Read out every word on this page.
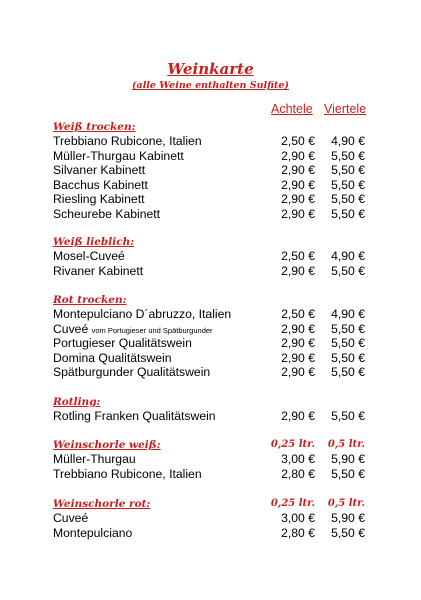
Weinkarte
(alle Weine enthalten Sulfite)
Achtele Viertele
Weiß trocken:
Trebbiano Rubicone, Italien	2,50 €	4,90 €
Müller-Thurgau Kabinett	2,90 €	5,50 €
Silvaner Kabinett	2,90 €	5,50 €
Bacchus Kabinett	2,90 €	5,50 €
Riesling Kabinett	2,90 €	5,50 €
Scheurebe Kabinett	2,90 €	5,50 €
Weiß lieblich:
Mosel-Cuveé	2,50 €	4,90 €
Rivaner Kabinett	2,90 €	5,50 €
Rot trocken:
Montepulciano D´abruzzo, Italien	2,50 €	4,90 €
Cuveé vom Portugieser und Spätburgunder	2,90 €	5,50 €
Portugieser Qualitätswein	2,90 €	5,50 €
Domina Qualitätswein	2,90 €	5,50 €
Spätburgunder Qualitätswein	2,90 €	5,50 €
Rotling:
Rotling Franken Qualitätswein	2,90 €	5,50 €
Weinschorle weiß:	0,25 ltr.	0,5 ltr.
Müller-Thurgau	3,00 €	5,90 €
Trebbiano Rubicone, Italien	2,80 €	5,50 €
Weinschorle rot:	0,25 ltr.	0,5 ltr.
Cuveé	3,00 €	5,90 €
Montepulciano	2,80 €	5,50 €
